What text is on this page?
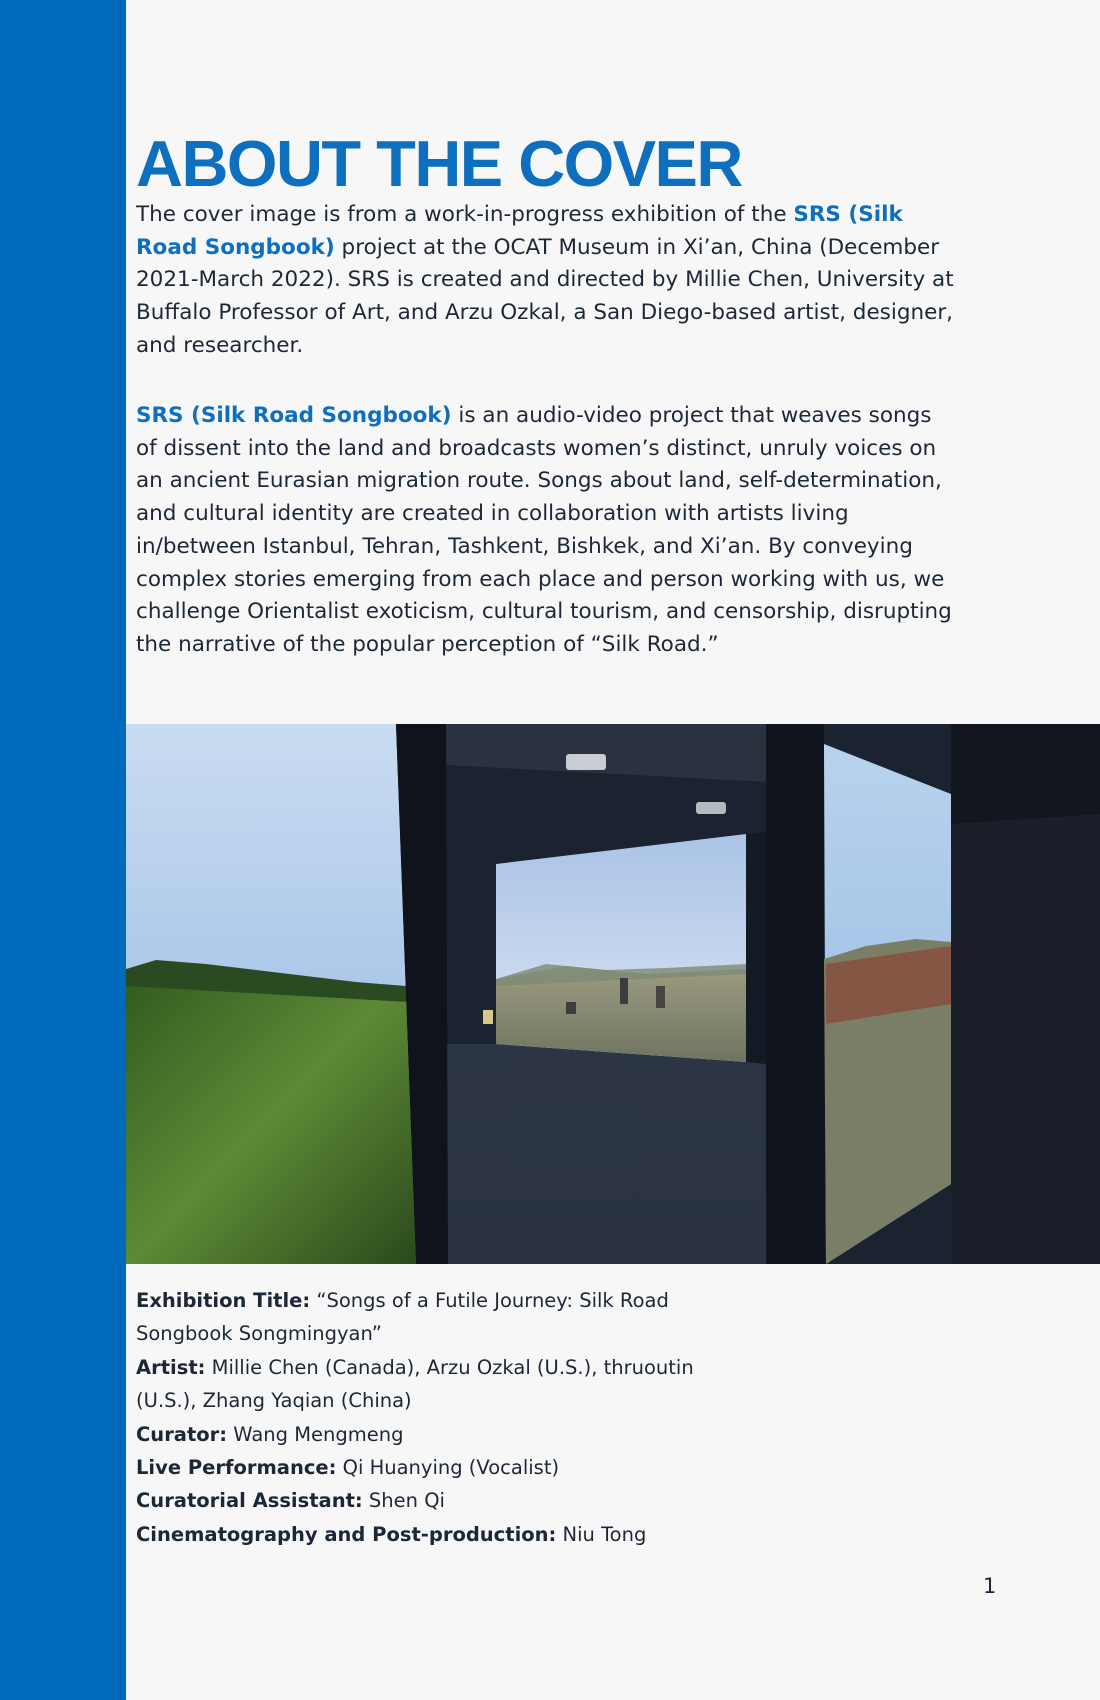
ABOUT THE COVER

The cover image is from a work-in-progress exhibition of the SRS (Silk Road Songbook) project at the OCAT Museum in Xi’an, China (December 2021-March 2022). SRS is created and directed by Millie Chen, University at Buffalo Professor of Art, and Arzu Ozkal, a San Diego-based artist, designer, and researcher.

SRS (Silk Road Songbook) is an audio-video project that weaves songs of dissent into the land and broadcasts women’s distinct, unruly voices on an ancient Eurasian migration route. Songs about land, self-determination, and cultural identity are created in collaboration with artists living in/between Istanbul, Tehran, Tashkent, Bishkek, and Xi’an. By conveying complex stories emerging from each place and person working with us, we challenge Orientalist exoticism, cultural tourism, and censorship, disrupting the narrative of the popular perception of “Silk Road.”

Exhibition Title: “Songs of a Futile Journey: Silk Road Songbook Songmingyan”

Artist: Millie Chen (Canada), Arzu Ozkal (U.S.), thruoutin (U.S.), Zhang Yaqian (China)

Curator: Wang Mengmeng

Live Performance: Qi Huanying (Vocalist)

Curatorial Assistant: Shen Qi

Cinematography and Post-production: Niu Tong

1
